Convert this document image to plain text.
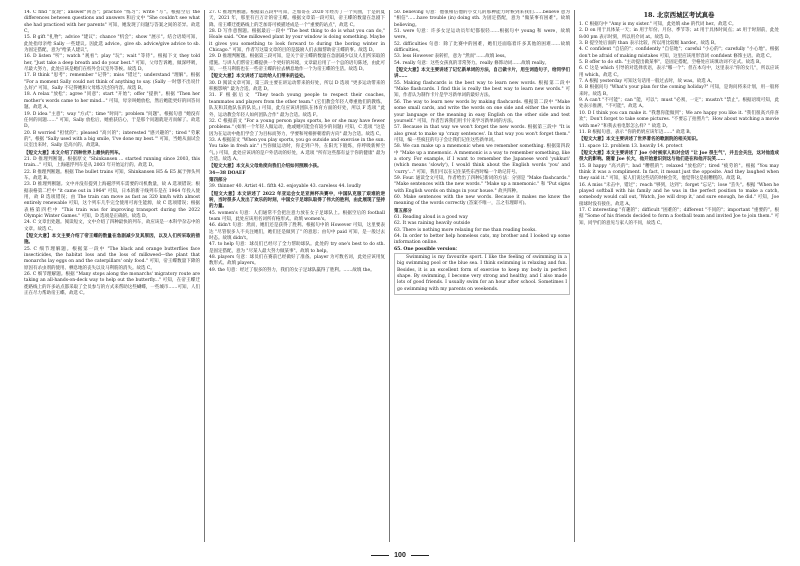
14. C find "发现"；answer"回答"；practice "练习"；write "写"。根据空后 the differences between questions and answers 和后文中 "She couldn't see what she had practiced with her parents" 可知，她发现了问题与答案之间的差异。故选C。

15. B gift "礼物"；advice "建议"；chance "机会"；show "展示"。结合语境可知，此处指母亲给 Sally 一些建议。因此选 advice。give sb. advice/give advice to sb. 为固定搭配，意为"给某人建议"。

16. D listen "听"；watch "观看"；play "玩"；wait "等待"。根据下文 they told her, "Just take a deep breath and do your best." 可知，父母告诉她，做深呼吸，尽最大努力，此处应该是她们在校外会议室外等候。故选 D。

17. B think "思考"；remember "记得"；miss "错过"；understand "理解"。根据 "For a moment Sally could not think of anything to say. (Sally 一时想不出说什么好)" 可知，Sally 不记得她和父母练习过的内容。故选 B。

18. A relax "放松"；agree "同意"；start "开始"；offer "提供"。根据 "Then her mother's words came to her mind..." 可知，母亲叫她放松，然后她能更好的回答问题。故选 A。

19. D idea "主意"；way "方式"；time "时间"；problem "问题"。根据句意 "她没有任何的问题……" 可知，Sally 放松后，她重获信心，于是那个问题就迎刃而解了。故选 D。

20. B worried "担忧的"；pleased "高兴的"；interested "感兴趣的"；tired "劳累的"。根据 "Sally used with a big smile, 'I've done my best.'" 可知，当她从面试会议室出来时，Sally 是高兴的。故选B。

【短文大意】本文介绍了四种世界上最快的列车。

21. D 推理判断题。根据原文 "Shinkansen ... started running since 2003, this train..." 可知，上海磁浮列车是从 2003 年开始运行的。故选 D。

22. B 推理判断题。根据 The bullet trains 可知，Shinkansen H5 & E5 属于弹头列车。故选 B。

23. D 推理判断题。文中并没有提到上海磁浮列车需要的司机数量，故 A 选项错误；根据表格第二栏中 "it came out in 1964" 可知，日本的新干线列车是在 1964 年投入使用，故 B 选项错误；由 The train can move as fast as 320 km/h with almost entirely renewable 可知，这个列车几乎完全使用可再生能源，故 C 选项错误；根据表格第四栏中 "This train was for improving transport during the 2022 Olympic Winter Games." 可知，D 选项是正确的。故选 D。

24. C 文章出处题。阅读短文，文中介绍了四种最快的列车，故应该是一本科学杂志中的文章。故选 C。

【短文大意】本文主要介绍了帝王蝶的数量在急剧减少及其原因，以及人们所采取的措施。

25. C 细节理解题。根据第一段中 "The black and orange butterflies face insecticides, the habitat loss and the loss of milkweed—the plant that monarchs lay eggs on and the caterpillars' only food." 可知，帝王蝶数量下降的原因有杀虫剂的使用、栖息地的丧失以及马利筋的消失。故选 C。

26. C 细节理解题。根据 "Many stops along the monarchs' migratory route are taking an all-hands-on-deck way to help out the butterfly..." 可知，在帝王蝶迁徙路线上的许多站点都采取了全员参与的方式来帮助这些蝴蝶，一些城市……可知，人们正在尽力帮助帝王蝶。故选 C。

27. C 推理判断题。根据第五段中可知，芝加哥在 2020 年经历了一个夹曲，于是的夏天，2021 年，那里有百万计的帝王蝶。根据文章第一段可知，帝王蝶的数量在急剧下降。帝王蝶迁徙路线上的芝加哥可被描述成是一个"重要的站点"，故选 C。

28. D 写作意图题。根据最后一段中 "The best thing to do is what you can do," Hoale said. "One milkweed plant by your window is doing something. Maybe it gives you something to look forward to during the boring winter in Chicago." 可知，作者写这篇文章的目的是鼓励人们去做帮助帝王蝶的事。故选 D。

29. D 推理判断题。根据第三段可知，是关于帝王蝶的数量在急剧减少以及人们所采取的措施。与讲人们帮帝王蝶提供一个更好的环境，文章最后用了一个总的语句陈述，由此可知，一些马利筋也在一些帝王蝶的拉去栖息地作一个为帝王蝶的生活。故选 D。

【短文大意】本文讲述了运动给人们带来的益处。

30. D 阅读文章可知，第三段主要在讲运动带来的好处，所以 D 选项 "更多运动带来的积极影响" 最为合适。故选 D。

31. F 根据后文 "They teach young people to respect their coaches, teammates and players from the other team." (它们教会年轻人尊重他们的教练、队友和其他队伍的队员。) 可知，此句应该讲团队在体育方面的好处，所以 F 选项 "此外，运动教会年轻人如何团队合作" 最为合适。故选 F。

32. C 根据前文 "For a young person plays sports, he or she may have fewer problems." (如果一个年轻人做运动，他或她可能会有较少的问题) 可知，C 选项 "这是因为在运动中他们学会了为目标而努力，学要和死相拼朝着的方向" 最为合适。故选 C。

33. A 根据前文 "When you play sports, you go outside and exercise in the sun. You take in fresh air." (当你做运动时，你走到户外，在阳光下锻炼，你呼吸新鲜空气。) 可知，此处应该讲的是户外活动的好处，A 选项 "所有这些都有益于你的健康" 最为合适。故选 A。

【短文大意】本文从父母角度向我们介绍如何照顾小孩。

34—38 DOAEF

第四部分

39. thinner 40. Artist 41. fifth 42. enjoyable 43. careless 44. loudly

【短文大意】本文讲述了 2022 年亚运会女足亚洲杯决赛中，中国队克服了艰难的逆转，当时很多人发出了欢乐的时刻，中国女子足球队取得了伟大的胜利，由此展现了坚持的力量。

45. women's 句意：人们通常不会把注意力放在女子足球队上。根据空后的 football team 可知，此处应该用名词所有格形式。故填 women's。

46. didn't 句意：然而，她们还是获得了胜利。根据句中的 However 可知，这里要表达 "尽管很多人不关注她们，她们还是做到了" 的意思；由句中 paid 可知，是一般过去时态。故填 didn't。

47. to help 句意：球员们已经尽了全力帮助球队。此处的 try one's best to do sth. 是固定搭配，意为 "尽某人最大努力做某事"。故填 to help。

48. players 句意：球员们在赛前已经做好了准备。player 为可数名词，此处应该用复数形式。故填 players。

49. the 句意：经过了很多的努力，我们的女子足球队赢得了胜利。……故填 the。

50. believing 句意：他很相信他的小女儿的那种能力时候到来我们……believe 意为 "相信"……have trouble (in) doing sth. 为固定搭配，意为 "做某事有困难"。故填 believing。

51. were 句意：许多女足运动员年纪都很轻……根据句中 young 和 were，故填 were。

52. difficulties 句意：除了比赛中的困难，她们还面临着许多其他的困难……故填 difficulties。

53. less However 表转折，意为 "然而"……故填 less。

54. really 句意：这些女孩真的非常努力。really 修饰动词……故填 really。

【短文大意】本文主要讲述了记忆新单词的方法，自己做卡片，用生词造句子，给同学们讲……

55. Making flashcards is the best way to learn new words. 根据第二段中 "Make flashcards. I find this is really the best way to learn new words." 可知，作者认为制作卡片是学习新单词的最好方法。

56. The way to learn new words by making flashcards. 根据第二段中 "Make some small cards, and write the words on one side and either the words in your language or the meaning in easy English on the other side and test yourself." 可知，作者告诉我们用卡片来学习新单词的方法。

57. Because in that way we won't forget the new words. 根据第三段中 "It is also great to make up 'crazy sentences'. In that way you won't forget them." 可知，编一些疯狂的句子会让我们记住这些新单词。

58. We can make up a mnemonic when we remember something. 根据第四段中 "Make up a mnemonic. A mnemonic is a way to remember something, like a story. For example, if I want to remember the Japanese word 'yukkuri' (which means 'slowly'), I would think about the English words 'you' and 'curry'..." 可知，我们可以在记住某些东西时编一个助记符号。

59. Four. 通读全文可知，作者给出了四种记新词的方法：分别是 "Make flashcards." "Make sentences with the new words." "Make up a mnemonic." 和 "Put signs with English words on things in your house." 故共四种。

60. Make sentences with the new words. Because it makes me know the meaning of the words correctly (答案不唯一，言之有理即可)。

第五部分

61. Reading aloud is a good way

62. It was raining heavily outside

63. There is nothing more relaxing for me than reading books.

64. In order to better help homeless cats, my brother and I looked up some information online.

65. One possible version：

Swimming is my favourite sport. I like the feeling of swimming in a big swimming pool or the blue sea. I think swimming is relaxing and fun. Besides, it is an excellent form of exercise to keep my body in perfect shape. By swimming, I become very strong and healthy, and I also made lots of good friends. I usually swim for an hour after school. Sometimes I go swimming with my parents on weekends.

18. 北京西城区考试真卷

1. C 根据句中 "Amy is my sister." 可知，此处填 she 的代词 her。故选 C。

2. D on 用于具体某一天；in 用于年份、月份、季节等；at 用于具体时间点；at 用于时刻前，此处 8:00 pm 表示时刻，所以用介词 at。故选 D。

3. B 提空处后面的 than 表示比较，所以用比较级 harder。故选 B。

4. C confident "自信的"；confidently "自信地"；careful "小心的"；carefully "小心地"。根据 don't be afraid of making mistakes 可知，这里应该用形容词 confident 修饰主语。故选 C。

5. B offer to do sth. "主动提出做某事"，是固定搭配，空格处应该填动词不定式。故选 B。

6. C 这是 which 引导的对选择状语，表示"哪一个"；但在本句中，这里表示"你的女儿"，所以应该用 which。故选 C。

7. A 根据 yesterday 可知这句话用一般过去时，故 was。故选 A。

8. B 根据问句 "What's your plan for the coming holiday?" 可知，是询问将来计划，用一般将来时。故选 B。

9. A can't "不可能"；can "能，可以"；must "必须，一定"；mustn't "禁止"。根据语境可知，此处表示推测，"不可能"。故选 A。

10. D I think you can make it. "我想你能做到"；We are happy you like it. "我们很高兴你喜欢"；Don't forget to take some pictures. "不要忘了拍照片"；How about watching a movie with me? "和我去看电影怎么样？" 故选 D。

11. B 根据句意，表示 "你的奶奶应该年迈……" 故选 B。

【短文大意】本文主要讲述了世界著名的歌剧院的相关知识。

11. space 12. problem 13. heavily 14. protect

【短文大意】本文主要讲述了 Joe 小时候家人和对会话 "让 Joe 很生气"，并且会关注，这对他造成很大的影响。随着 Joe 长大，他开始意识到这与他们是在和他开玩笑……

15. B happy "高兴的"；bad "糟糕的"；relaxed "放松的"；tired "疲劳的"。根据 "You may think it was a compliment. In fact, it meant just the opposite. And they laughed when they said it." 可知，家人们说这些话的时候会笑，他觉得这是很糟糕的。故选 B。

16. A miss "未击中，错过"；reach "够到，达到"；forget "忘记"；lose "丢失"。根据 "When he played softball with his family and he was in the perfect position to make a catch, somebody would call out, 'Watch, Joe will drop it,' and sure enough, he did." 可知，Joe 接球时没有接住。故选 A。

17. C interesting "有趣的"；difficult "困难的"；different "不同的"；important "重要的"。根据 "Some of his friends decided to form a football team and invited Joe to join them." 可知，同学们的意见与家人的不同，故选 C。

100
